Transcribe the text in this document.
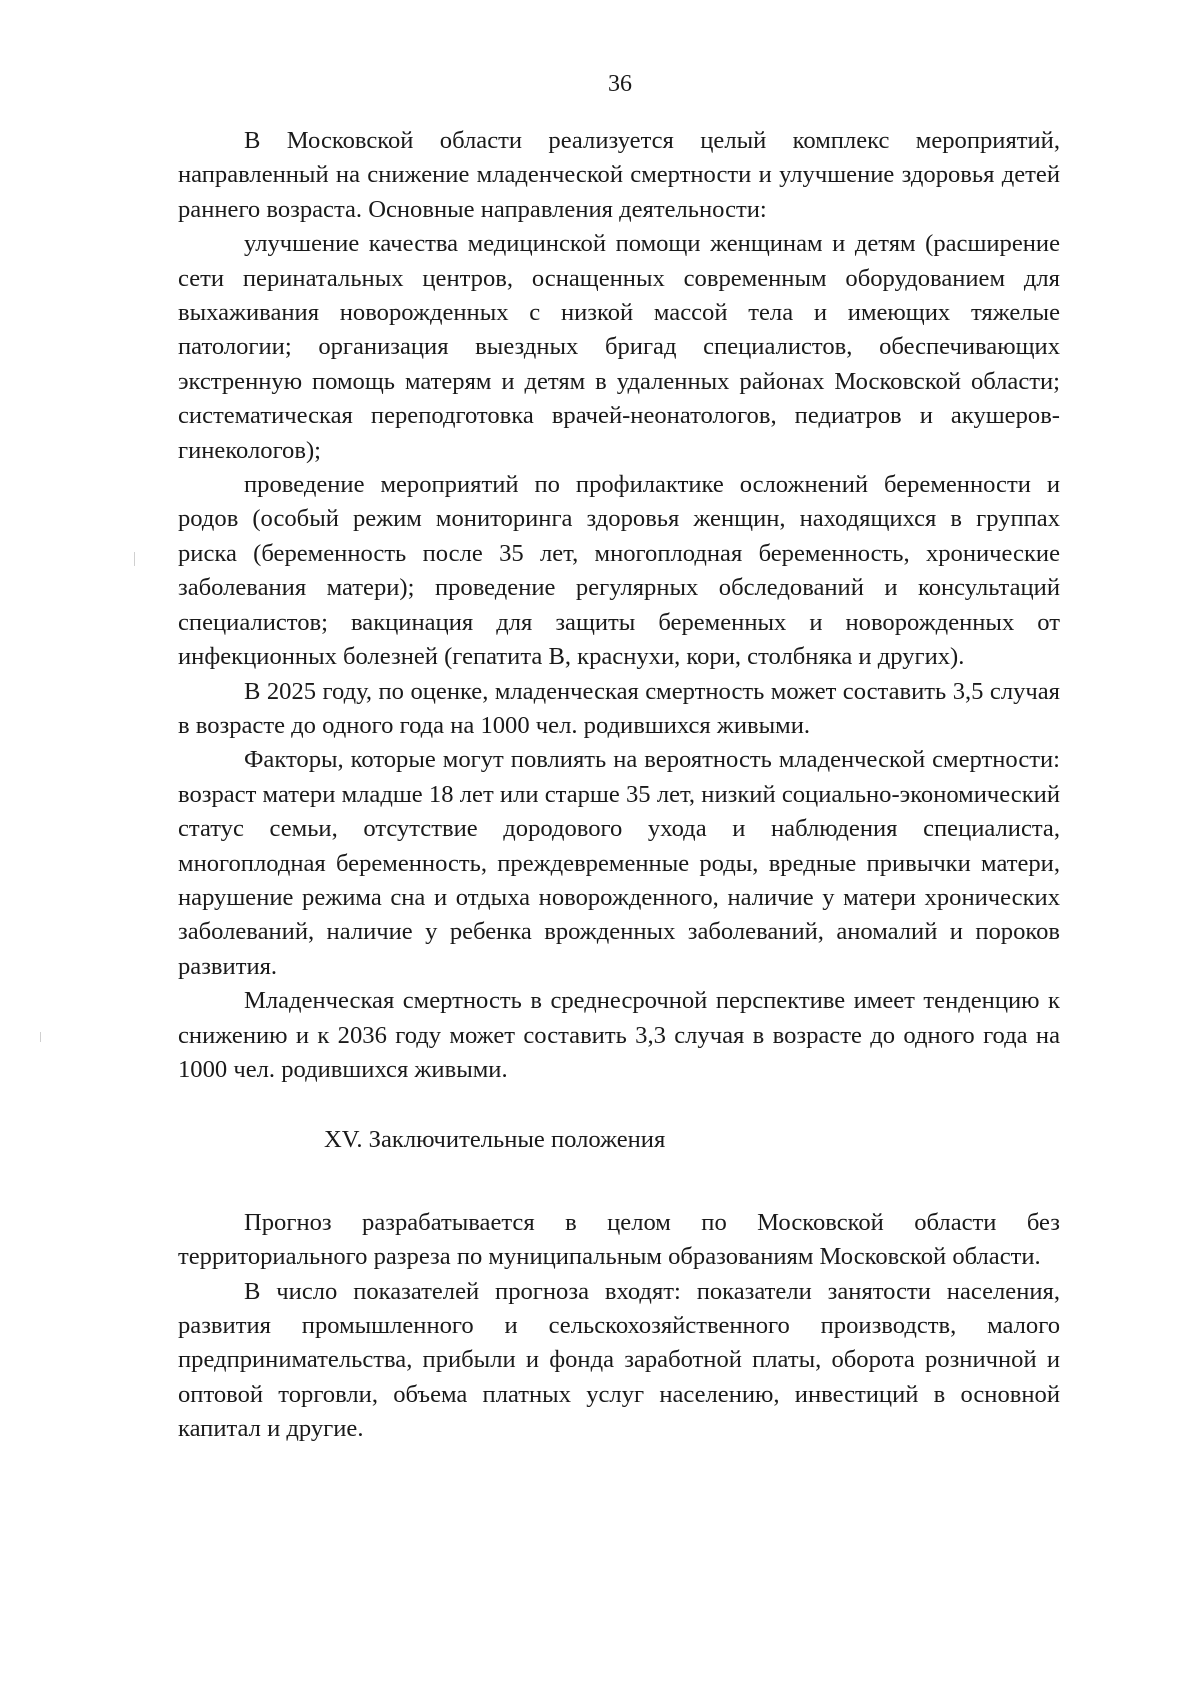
36

В Московской области реализуется целый комплекс мероприятий, направленный на снижение младенческой смертности и улучшение здоровья детей раннего возраста. Основные направления деятельности:

улучшение качества медицинской помощи женщинам и детям (расширение сети перинатальных центров, оснащенных современным оборудованием для выхаживания новорожденных с низкой массой тела и имеющих тяжелые патологии; организация выездных бригад специалистов, обеспечивающих экстренную помощь матерям и детям в удаленных районах Московской области; систематическая переподготовка врачей-неонатологов, педиатров и акушеров-гинекологов);

проведение мероприятий по профилактике осложнений беременности и родов (особый режим мониторинга здоровья женщин, находящихся в группах риска (беременность после 35 лет, многоплодная беременность, хронические заболевания матери); проведение регулярных обследований и консультаций специалистов; вакцинация для защиты беременных и новорожденных от инфекционных болезней (гепатита В, краснухи, кори, столбняка и других).

В 2025 году, по оценке, младенческая смертность может составить 3,5 случая в возрасте до одного года на 1000 чел. родившихся живыми.

Факторы, которые могут повлиять на вероятность младенческой смертности: возраст матери младше 18 лет или старше 35 лет, низкий социально-экономический статус семьи, отсутствие дородового ухода и наблюдения специалиста, многоплодная беременность, преждевременные роды, вредные привычки матери, нарушение режима сна и отдыха новорожденного, наличие у матери хронических заболеваний, наличие у ребенка врожденных заболеваний, аномалий и пороков развития.

Младенческая смертность в среднесрочной перспективе имеет тенденцию к снижению и к 2036 году может составить 3,3 случая в возрасте до одного года на 1000 чел. родившихся живыми.

XV. Заключительные положения

Прогноз разрабатывается в целом по Московской области без территориального разреза по муниципальным образованиям Московской области.

В число показателей прогноза входят: показатели занятости населения, развития промышленного и сельскохозяйственного производств, малого предпринимательства, прибыли и фонда заработной платы, оборота розничной и оптовой торговли, объема платных услуг населению, инвестиций в основной капитал и другие.
